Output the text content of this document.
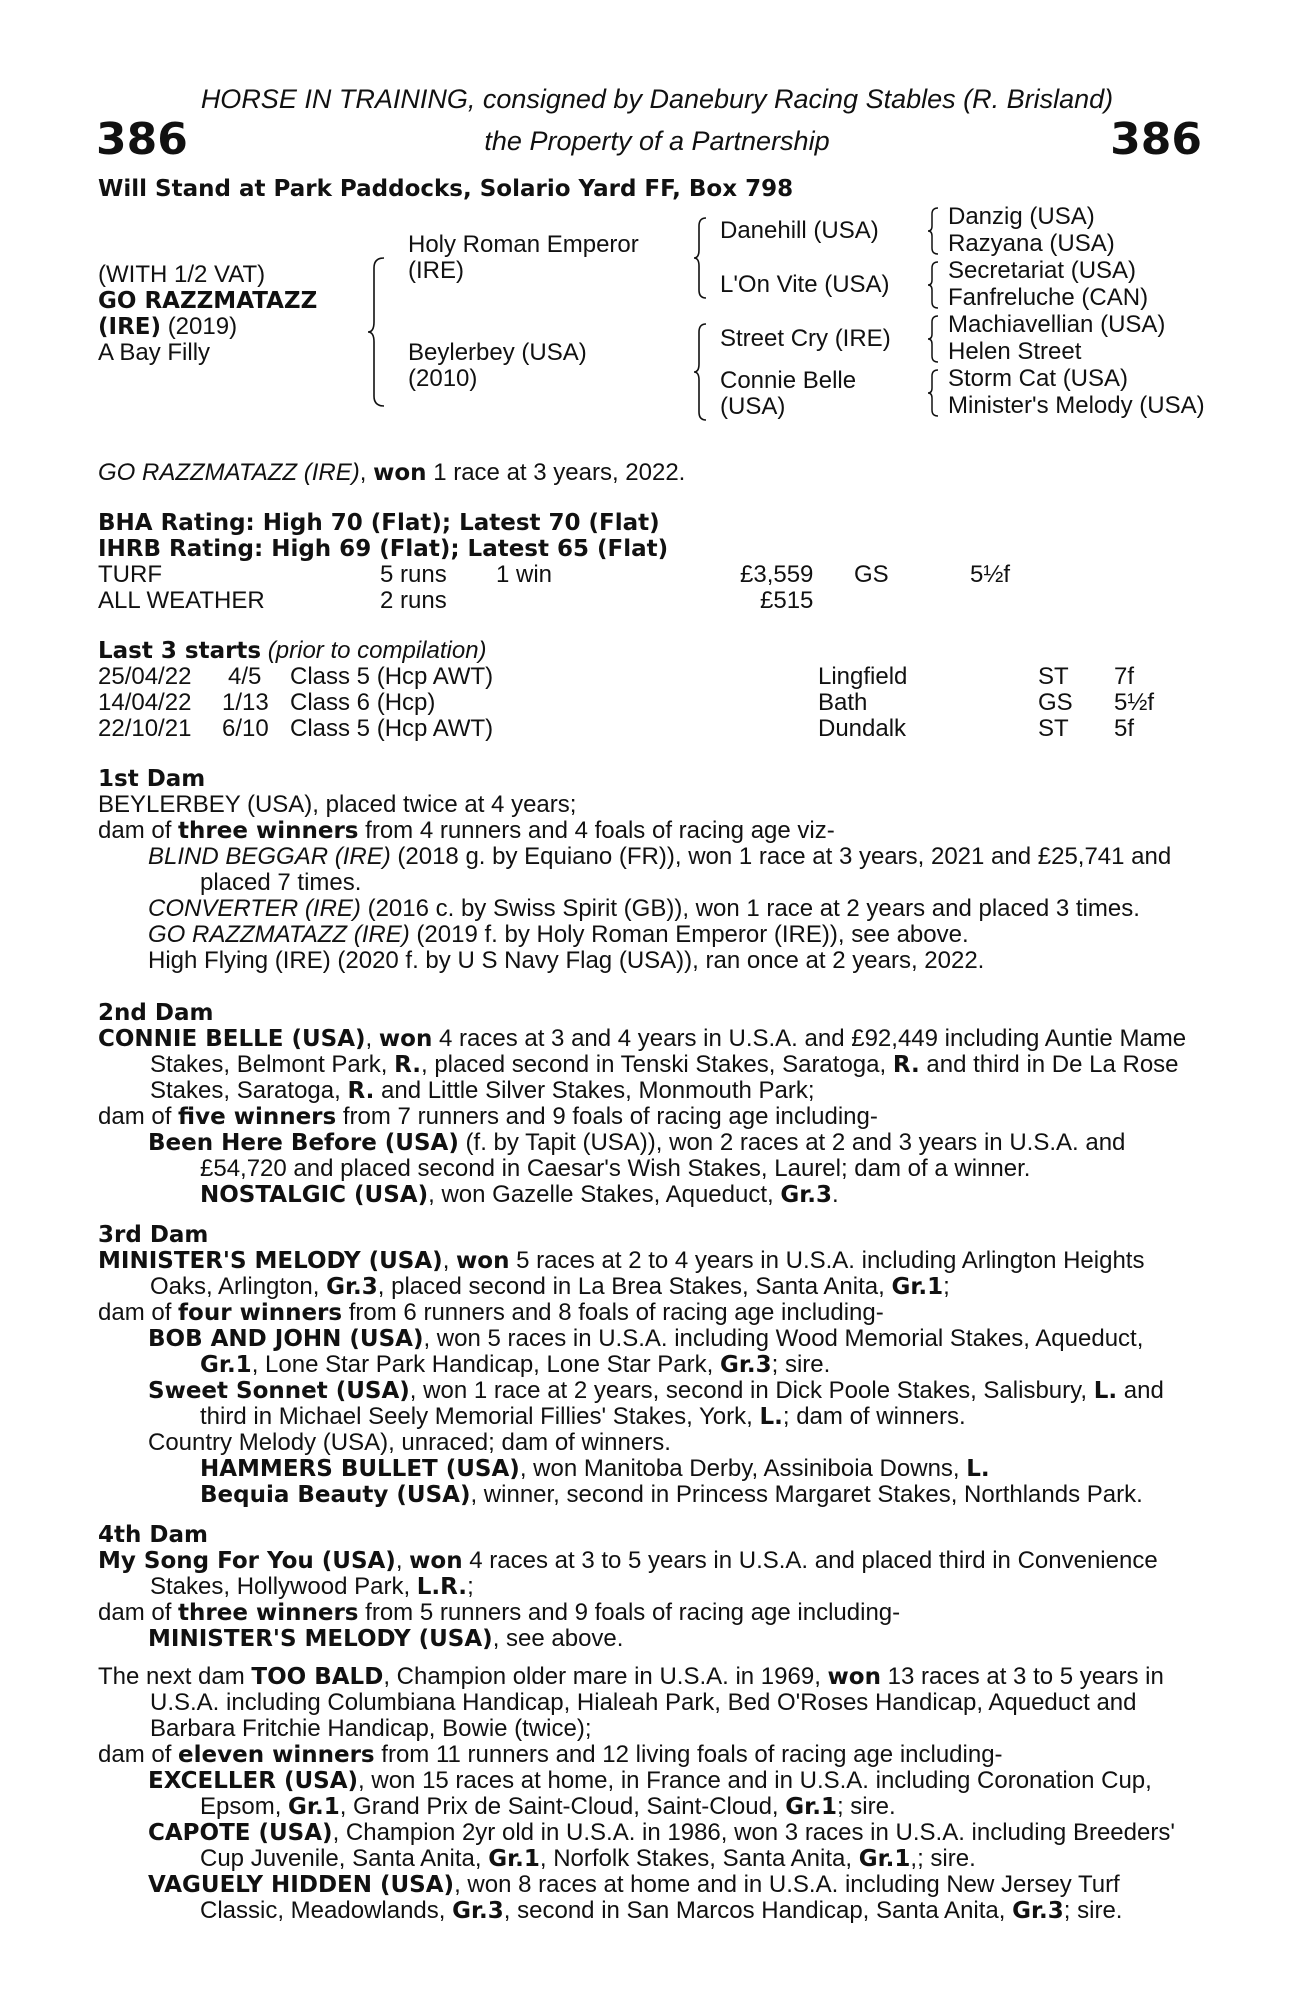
HORSE IN TRAINING, consigned by Danebury Racing Stables (R. Brisland)
386	the Property of a Partnership	386
Will Stand at Park Paddocks, Solario Yard FF, Box 798
(WITH 1/2 VAT)
GO RAZZMATAZZ
(IRE) (2019)
A Bay Filly
Holy Roman Emperor
(IRE)
Beylerbey (USA)
(2010)
Danehill (USA)
L'On Vite (USA)
Street Cry (IRE)
Connie Belle
(USA)
Danzig (USA)
Razyana (USA)
Secretariat (USA)
Fanfreluche (CAN)
Machiavellian (USA)
Helen Street
Storm Cat (USA)
Minister's Melody (USA)
GO RAZZMATAZZ (IRE), won 1 race at 3 years, 2022.
BHA Rating: High 70 (Flat); Latest 70 (Flat)
IHRB Rating: High 69 (Flat); Latest 65 (Flat)
TURF	5 runs 1 win	£3,559 GS	5½f
ALL WEATHER	2 runs	£515
Last 3 starts (prior to compilation)
25/04/22 4/5 Class 5 (Hcp AWT)	Lingfield	ST 7f
14/04/22 1/13 Class 6 (Hcp)	Bath	GS 5½f
22/10/21 6/10 Class 5 (Hcp AWT)	Dundalk	ST 5f

1st Dam

BEYLERBEY (USA), placed twice at 4 years;

dam of three winners from 4 runners and 4 foals of racing age viz-

BLIND BEGGAR (IRE) (2018 g. by Equiano (FR)), won 1 race at 3 years, 2021 and £25,741 and placed 7 times.

CONVERTER (IRE) (2016 c. by Swiss Spirit (GB)), won 1 race at 2 years and placed 3 times.

GO RAZZMATAZZ (IRE) (2019 f. by Holy Roman Emperor (IRE)), see above.

High Flying (IRE) (2020 f. by U S Navy Flag (USA)), ran once at 2 years, 2022.

2nd Dam

CONNIE BELLE (USA), won 4 races at 3 and 4 years in U.S.A. and £92,449 including Auntie Mame Stakes, Belmont Park, R., placed second in Tenski Stakes, Saratoga, R. and third in De La Rose Stakes, Saratoga, R. and Little Silver Stakes, Monmouth Park;

dam of five winners from 7 runners and 9 foals of racing age including-

Been Here Before (USA) (f. by Tapit (USA)), won 2 races at 2 and 3 years in U.S.A. and £54,720 and placed second in Caesar's Wish Stakes, Laurel; dam of a winner.

NOSTALGIC (USA), won Gazelle Stakes, Aqueduct, Gr.3.

3rd Dam

MINISTER'S MELODY (USA), won 5 races at 2 to 4 years in U.S.A. including Arlington Heights Oaks, Arlington, Gr.3, placed second in La Brea Stakes, Santa Anita, Gr.1;

dam of four winners from 6 runners and 8 foals of racing age including-

BOB AND JOHN (USA), won 5 races in U.S.A. including Wood Memorial Stakes, Aqueduct, Gr.1, Lone Star Park Handicap, Lone Star Park, Gr.3; sire.

Sweet Sonnet (USA), won 1 race at 2 years, second in Dick Poole Stakes, Salisbury, L. and third in Michael Seely Memorial Fillies' Stakes, York, L.; dam of winners.

Country Melody (USA), unraced; dam of winners.

HAMMERS BULLET (USA), won Manitoba Derby, Assiniboia Downs, L.

Bequia Beauty (USA), winner, second in Princess Margaret Stakes, Northlands Park.

4th Dam

My Song For You (USA), won 4 races at 3 to 5 years in U.S.A. and placed third in Convenience Stakes, Hollywood Park, L.R.;

dam of three winners from 5 runners and 9 foals of racing age including-

MINISTER'S MELODY (USA), see above.

The next dam TOO BALD, Champion older mare in U.S.A. in 1969, won 13 races at 3 to 5 years in U.S.A. including Columbiana Handicap, Hialeah Park, Bed O'Roses Handicap, Aqueduct and Barbara Fritchie Handicap, Bowie (twice);

dam of eleven winners from 11 runners and 12 living foals of racing age including-

EXCELLER (USA), won 15 races at home, in France and in U.S.A. including Coronation Cup, Epsom, Gr.1, Grand Prix de Saint-Cloud, Saint-Cloud, Gr.1; sire.

CAPOTE (USA), Champion 2yr old in U.S.A. in 1986, won 3 races in U.S.A. including Breeders' Cup Juvenile, Santa Anita, Gr.1, Norfolk Stakes, Santa Anita, Gr.1,; sire.

VAGUELY HIDDEN (USA), won 8 races at home and in U.S.A. including New Jersey Turf Classic, Meadowlands, Gr.3, second in San Marcos Handicap, Santa Anita, Gr.3; sire.
